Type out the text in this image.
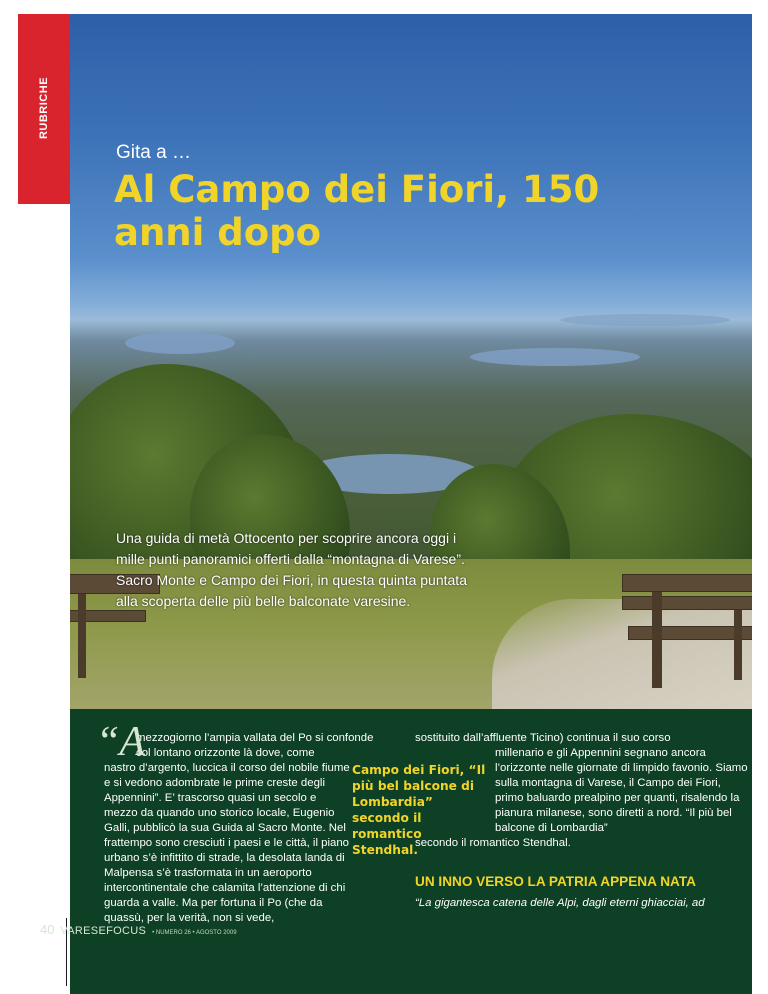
RUBRICHE
Gita a …
Al Campo dei Fiori, 150 anni dopo
Una guida di metà Ottocento per scoprire ancora oggi i mille punti panoramici offerti dalla “montagna di Varese”. Sacro Monte e Campo dei Fiori, in questa quinta puntata alla scoperta delle più belle balconate varesine.
“A
mezzogiorno l’ampia vallata del Po si confonde
col lontano orizzonte là dove, come
nastro d’argento, luccica il corso del nobile fiume e si vedono adombrate le prime creste degli Appennini”. E’ trascorso quasi un secolo e mezzo da quando uno storico locale, Eugenio Galli, pubblicò la sua Guida al Sacro Monte. Nel frattempo sono cresciuti i paesi e le città, il piano urbano s’è infittito di strade, la desolata landa di Malpensa s’è trasformata in un aeroporto intercontinentale che calamita l’attenzione di chi guarda a valle. Ma per fortuna il Po (che da quassù, per la verità, non si vede,
Campo dei Fiori, “Il più bel balcone di Lombardia” secondo il romantico Stendhal.
sostituito dall’affluente Ticino) continua il suo corso
millenario e gli Appennini segnano ancora l’orizzonte nelle giornate di limpido favonio. Siamo sulla montagna di Varese, il Campo dei Fiori, primo baluardo prealpino per quanti, risalendo la pianura milanese, sono diretti a nord. “Il più bel balcone di Lombardia”
secondo il romantico Stendhal.
UN INNO VERSO LA PATRIA APPENA NATA
“La gigantesca catena delle Alpi, dagli eterni ghiacciai, ad
40 VARESEFOCUS • NUMERO 26 • AGOSTO 2009
